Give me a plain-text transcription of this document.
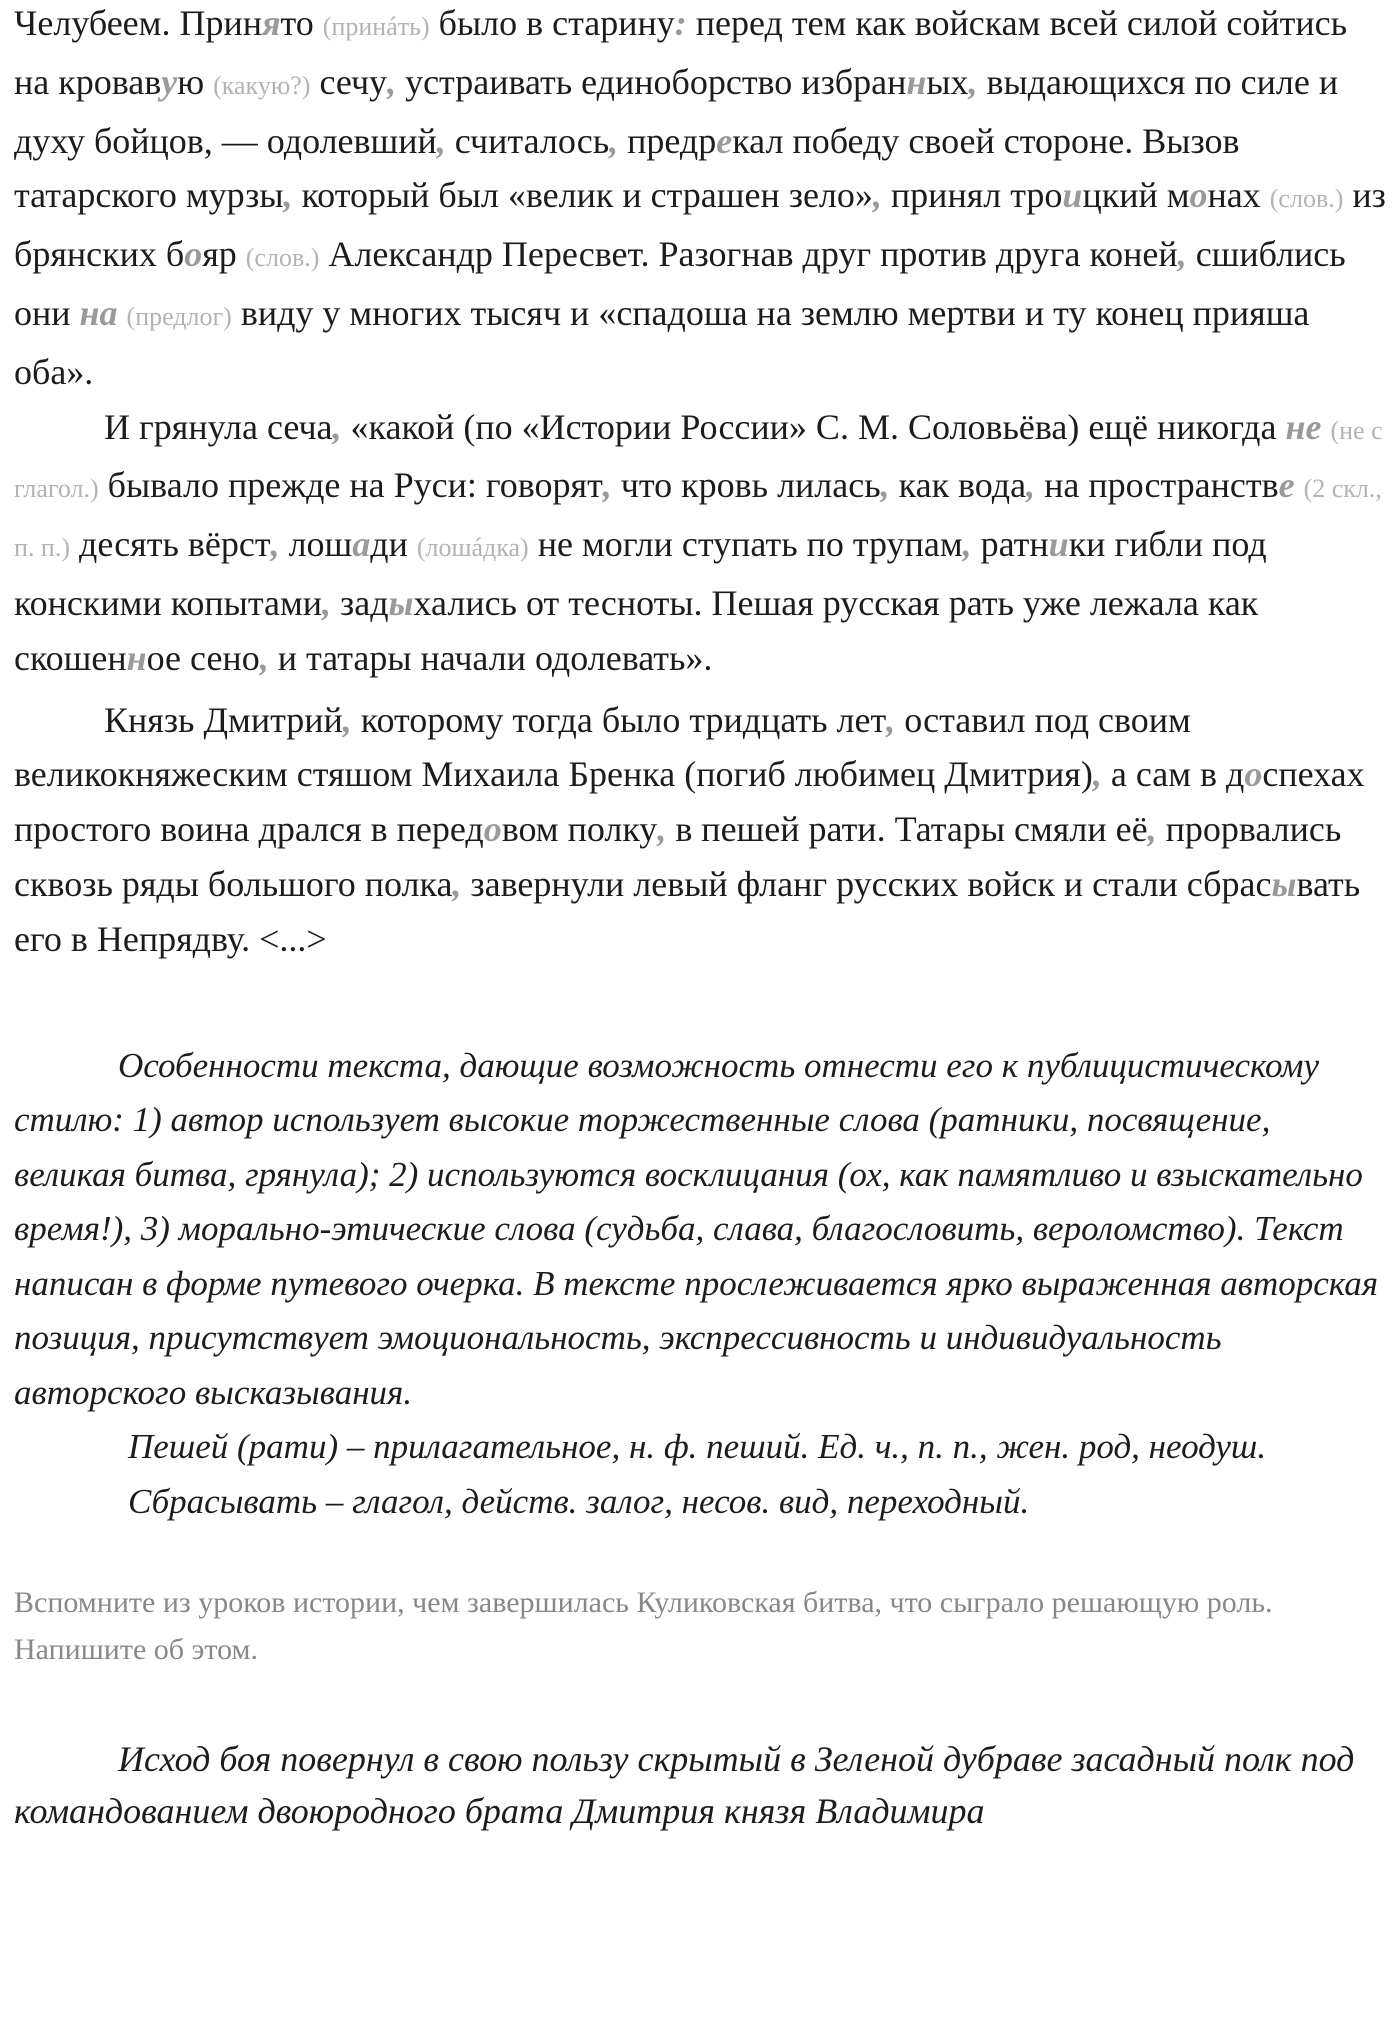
Челубеем. Принято (принáть) было в старину: перед тем как войскам всей силой сойтись на кровавую (какую?) сечу, устраивать единоборство избранных, выдающихся по силе и духу бойцов, — одолевший, считалось, предрекал победу своей стороне. Вызов татарского мурзы, который был «велик и страшен зело», принял троицкий монах (слов.) из брянских бояр (слов.) Александр Пересвет. Разогнав друг против друга коней, сшиблись они на (предлог) виду у многих тысяч и «спадоша на землю мертви и ту конец прияша оба».

И грянула сеча, «какой (по «Истории России» С. М. Соловьёва) ещё никогда не (не с глагол.) бывало прежде на Руси: говорят, что кровь лилась, как вода, на пространстве (2 скл., п. п.) десять вёрст, лошади (лошáдка) не могли ступать по трупам, ратники гибли под конскими копытами, задыхались от тесноты. Пешая русская рать уже лежала как скошенное сено, и татары начали одолевать».

Князь Дмитрий, которому тогда было тридцать лет, оставил под своим великокняжеским стяшом Михаила Бренка (погиб любимец Дмитрия), а сам в доспехах простого воина дрался в передовом полку, в пешей рати. Татары смяли её, прорвались сквозь ряды большого полка, завернули левый фланг русских войск и стали сбрасывать его в Непрядву. <...>

Особенности текста, дающие возможность отнести его к публицистическому стилю: 1) автор использует высокие торжественные слова (ратники, посвящение, великая битва, грянула); 2) используются восклицания (ох, как памятливо и взыскательно время!), 3) морально-этические слова (судьба, слава, благословить, вероломство). Текст написан в форме путевого очерка. В тексте прослеживается ярко выраженная авторская позиция, присутствует эмоциональность, экспрессивность и индивидуальность авторского высказывания.

Пешей (рати) – прилагательное, н. ф. пеший. Ед. ч., п. п., жен. род, неодуш.

Сбрасывать – глагол, действ. залог, несов. вид, переходный.

Вспомните из уроков истории, чем завершилась Куликовская битва, что сыграло решающую роль. Напишите об этом.

Исход боя повернул в свою пользу скрытый в Зеленой дубраве засадный полк под командованием двоюродного брата Дмитрия князя Владимира
